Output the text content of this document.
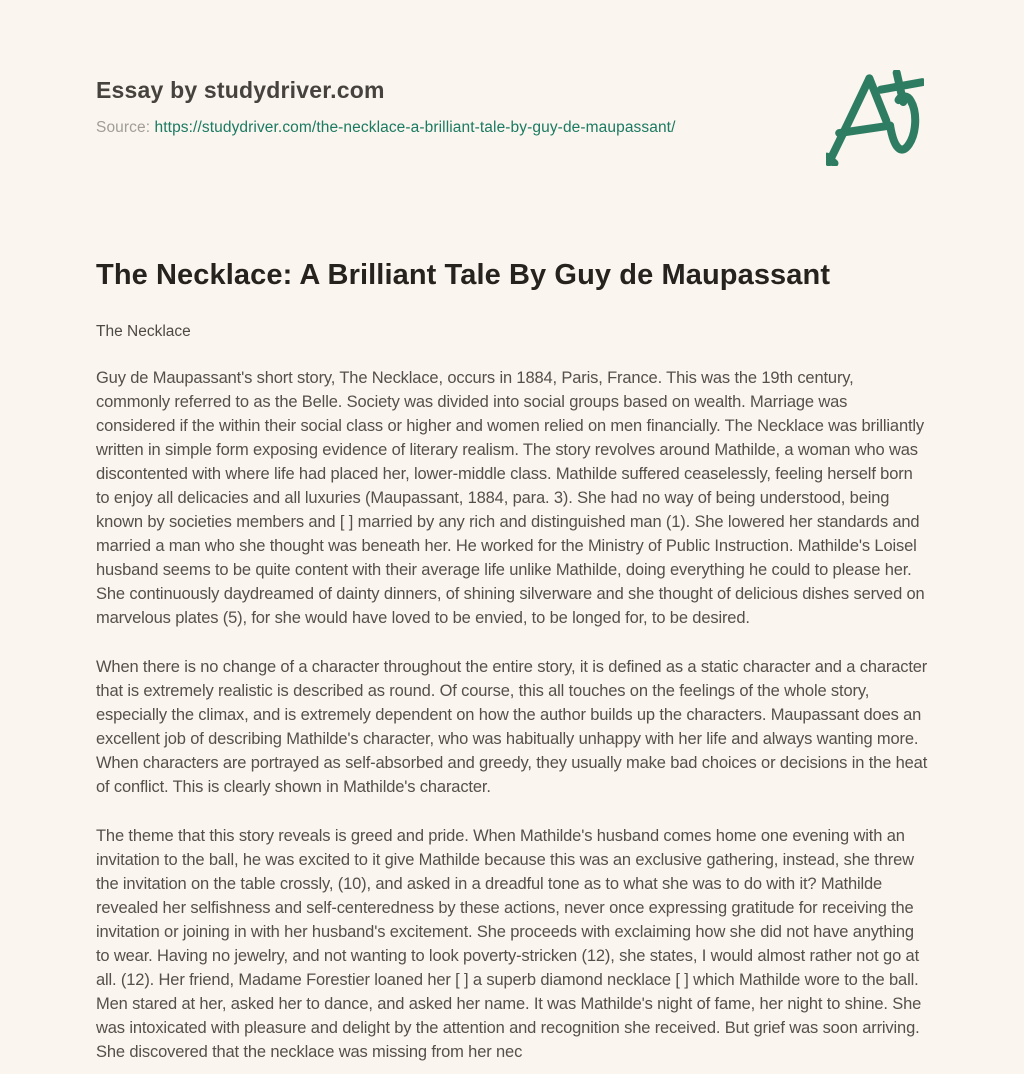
Essay by studydriver.com
Source: https://studydriver.com/the-necklace-a-brilliant-tale-by-guy-de-maupassant/
The Necklace: A Brilliant Tale By Guy de Maupassant
The Necklace

Guy de Maupassant's short story, The Necklace, occurs in 1884, Paris, France. This was the 19th century, commonly referred to as the Belle. Society was divided into social groups based on wealth. Marriage was considered if the within their social class or higher and women relied on men financially. The Necklace was brilliantly written in simple form exposing evidence of literary realism. The story revolves around Mathilde, a woman who was discontented with where life had placed her, lower-middle class. Mathilde suffered ceaselessly, feeling herself born to enjoy all delicacies and all luxuries (Maupassant, 1884, para. 3). She had no way of being understood, being known by societies members and [ ] married by any rich and distinguished man (1). She lowered her standards and married a man who she thought was beneath her. He worked for the Ministry of Public Instruction. Mathilde's Loisel husband seems to be quite content with their average life unlike Mathilde, doing everything he could to please her. She continuously daydreamed of dainty dinners, of shining silverware and she thought of delicious dishes served on marvelous plates (5), for she would have loved to be envied, to be longed for, to be desired.

When there is no change of a character throughout the entire story, it is defined as a static character and a character that is extremely realistic is described as round. Of course, this all touches on the feelings of the whole story, especially the climax, and is extremely dependent on how the author builds up the characters. Maupassant does an excellent job of describing Mathilde's character, who was habitually unhappy with her life and always wanting more. When characters are portrayed as self-absorbed and greedy, they usually make bad choices or decisions in the heat of conflict. This is clearly shown in Mathilde's character.

The theme that this story reveals is greed and pride. When Mathilde's husband comes home one evening with an invitation to the ball, he was excited to it give Mathilde because this was an exclusive gathering, instead, she threw the invitation on the table crossly, (10), and asked in a dreadful tone as to what she was to do with it? Mathilde revealed her selfishness and self-centeredness by these actions, never once expressing gratitude for receiving the invitation or joining in with her husband's excitement. She proceeds with exclaiming how she did not have anything to wear. Having no jewelry, and not wanting to look poverty-stricken (12), she states, I would almost rather not go at all. (12). Her friend, Madame Forestier loaned her [ ] a superb diamond necklace [ ] which Mathilde wore to the ball. Men stared at her, asked her to dance, and asked her name. It was Mathilde's night of fame, her night to shine. She was intoxicated with pleasure and delight by the attention and recognition she received. But grief was soon arriving. She discovered that the necklace was missing from her nec
